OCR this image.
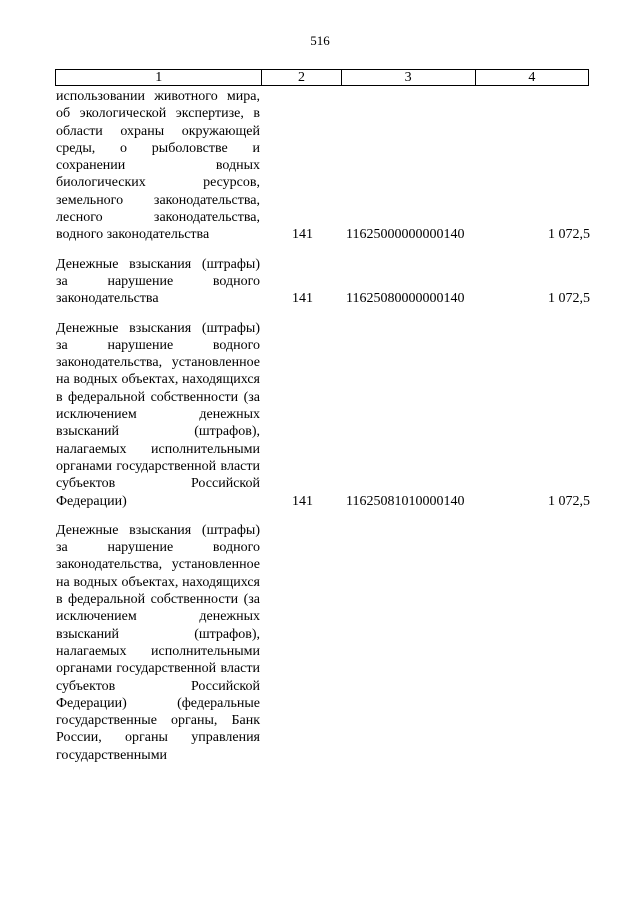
516
1	2	3	4
использовании животного мира, об экологической экспертизе, в области охраны окружающей среды, о рыболовстве и сохранении водных биологических ресурсов, земельного законодательства, лесного законодательства, водного законодательства	141 11625000000000140	1 072,5
Денежные взыскания (штрафы) за нарушение водного законодательства	141 11625080000000140	1 072,5
Денежные взыскания (штрафы) за нарушение водного законодательства, установленное на водных объектах, находящихся в федеральной собственности (за исключением денежных взысканий (штрафов), налагаемых исполнительными органами государственной власти субъектов Российской Федерации)	141 11625081010000140	1 072,5
Денежные взыскания (штрафы) за нарушение водного законодательства, установленное на водных объектах, находящихся в федеральной собственности (за исключением денежных взысканий (штрафов), налагаемых исполнительными органами государственной власти субъектов Российской Федерации) (федеральные государственные органы, Банк России, органы управления государственными
